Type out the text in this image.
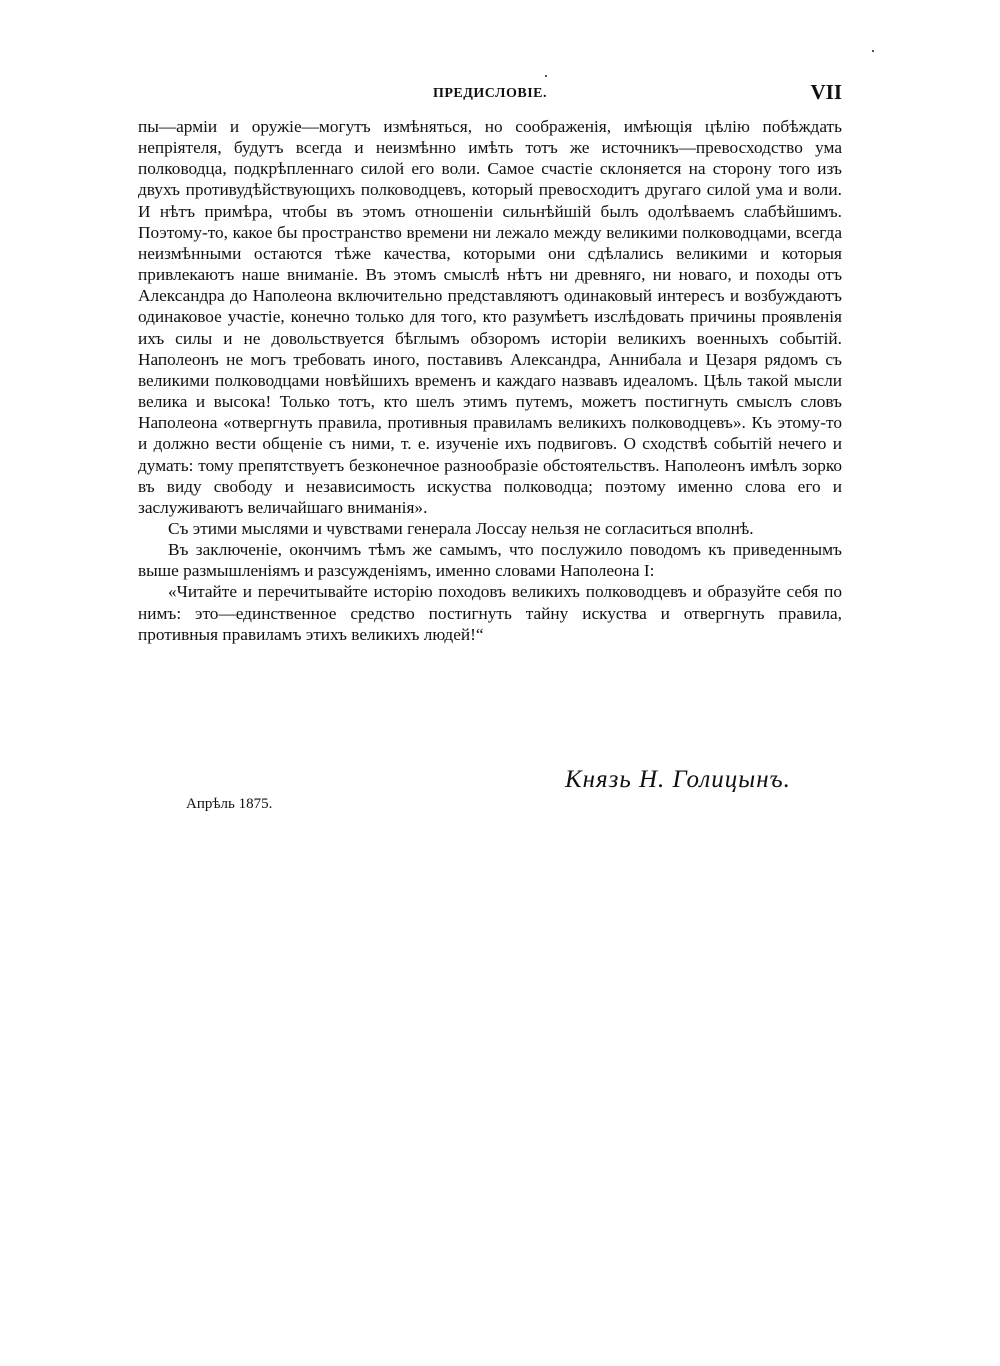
ПРЕДИСЛОВІЕ.	VII

пы—арміи и оружіе—могутъ измѣняться, но соображенія, имѣющія цѣлію побѣждать непріятеля, будутъ всегда и неизмѣнно имѣть тотъ же источникъ—превосходство ума полководца, подкрѣпленнаго силой его воли. Самое счастіе склоняется на сторону того изъ двухъ противудѣйствующихъ полководцевъ, который превосходитъ другаго силой ума и воли. И нѣтъ примѣра, чтобы въ этомъ отношеніи сильнѣйшій былъ одолѣваемъ слабѣйшимъ. Поэтому-то, какое бы пространство времени ни лежало между великими полководцами, всегда неизмѣнными остаются тѣже качества, которыми они сдѣлались великими и которыя привлекаютъ наше вниманіе. Въ этомъ смыслѣ нѣтъ ни древняго, ни новаго, и походы отъ Александра до Наполеона включительно представляютъ одинаковый интересъ и возбуждаютъ одинаковое участіе, конечно только для того, кто разумѣетъ изслѣдовать причины проявленія ихъ силы и не довольствуется бѣглымъ обзоромъ исторіи великихъ военныхъ событій. Наполеонъ не могъ требовать иного, поставивъ Александра, Аннибала и Цезаря рядомъ съ великими полководцами новѣйшихъ временъ и каждаго назвавъ идеаломъ. Цѣль такой мысли велика и высока! Только тотъ, кто шелъ этимъ путемъ, можетъ постигнуть смыслъ словъ Наполеона «отвергнуть правила, противныя правиламъ великихъ полководцевъ». Къ этому-то и должно вести общеніе съ ними, т. е. изученіе ихъ подвиговъ. О сходствѣ событій нечего и думать: тому препятствуетъ безконечное разнообразіе обстоятельствъ. Наполеонъ имѣлъ зорко въ виду свободу и независимость искуства полководца; поэтому именно слова его и заслуживаютъ величайшаго вниманія».

Съ этими мыслями и чувствами генерала Лоссау нельзя не согласиться вполнѣ.

Въ заключеніе, окончимъ тѣмъ же самымъ, что послужило поводомъ къ приведеннымъ выше размышленіямъ и разсужденіямъ, именно словами Наполеона I:

«Читайте и перечитывайте исторію походовъ великихъ полководцевъ и образуйте себя по нимъ: это—единственное средство постигнуть тайну искуства и отвергнуть правила, противныя правиламъ этихъ великихъ людей!“

Князь Н. Голицынъ.
Апрѣль 1875.
